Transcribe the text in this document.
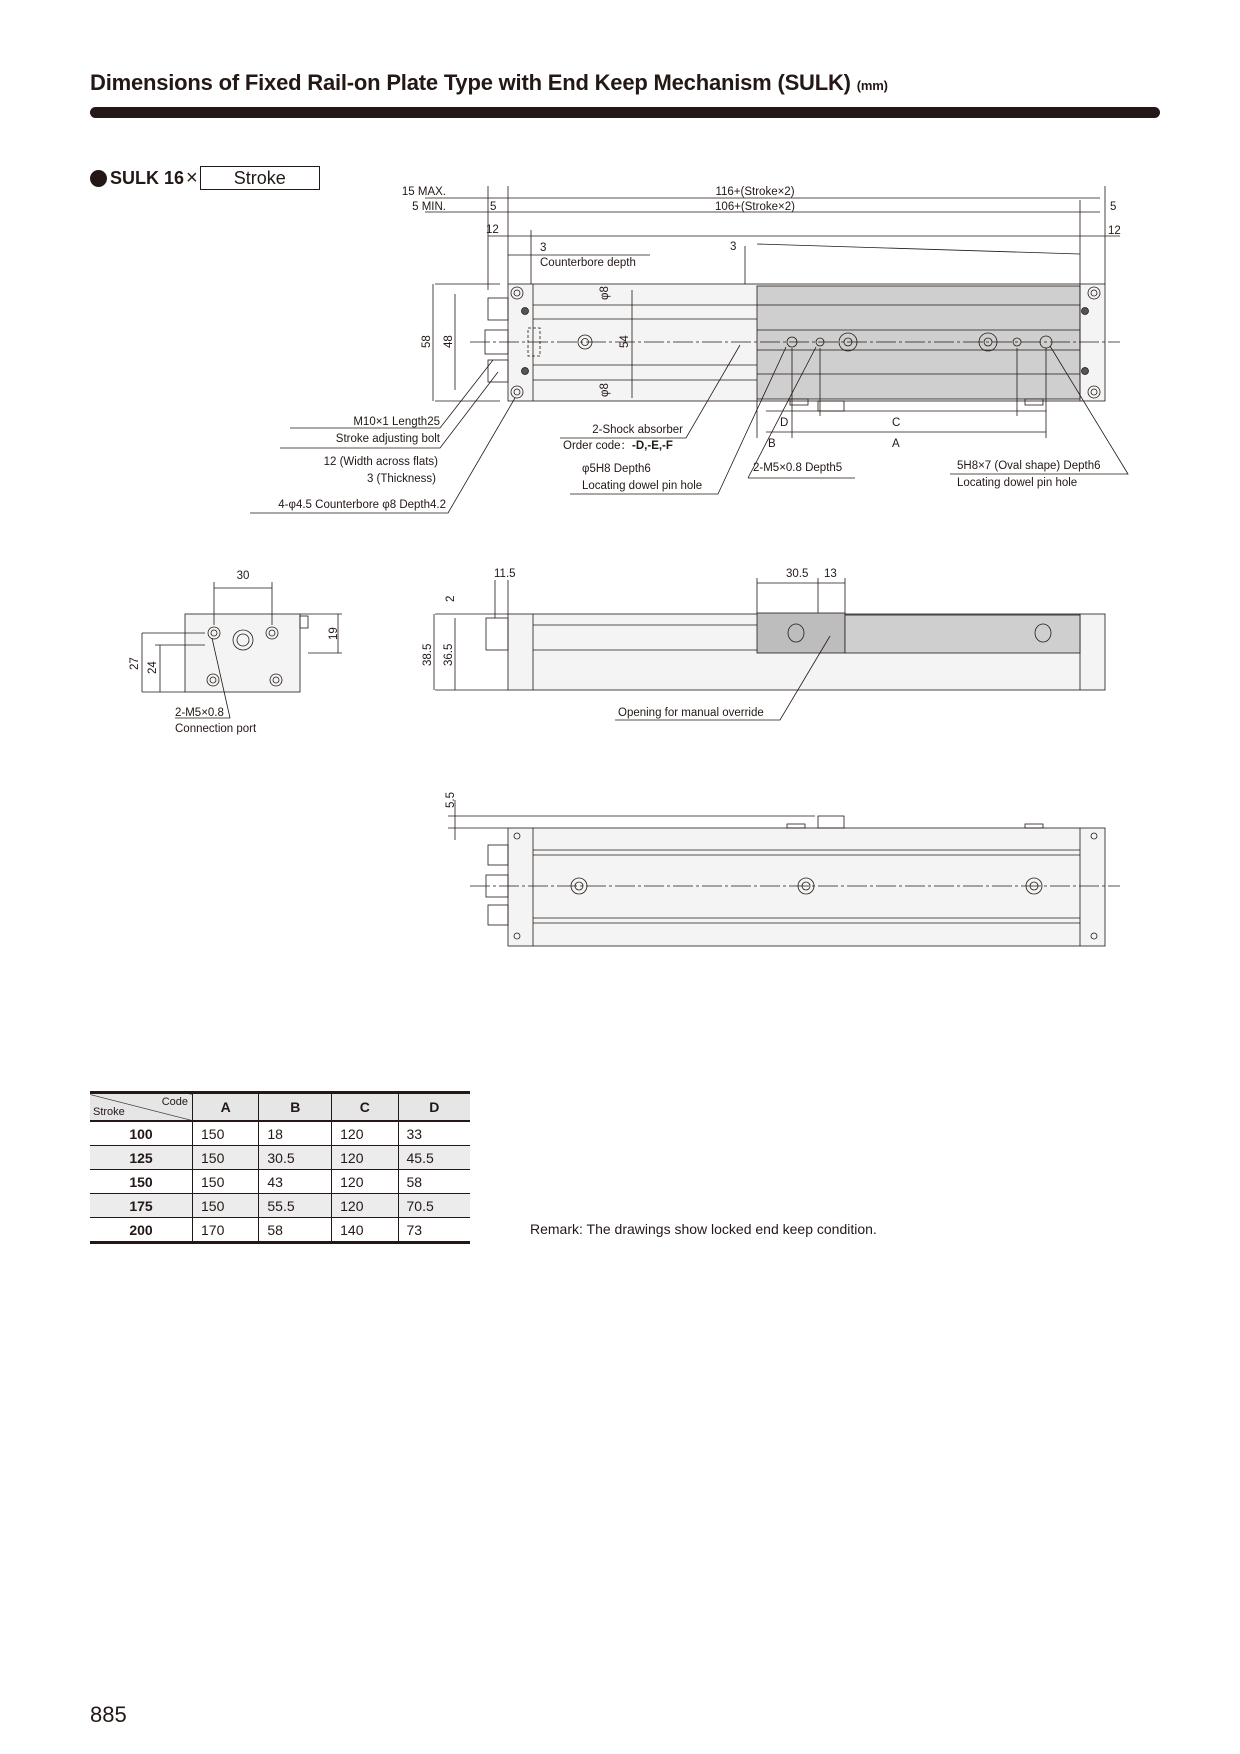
Dimensions of Fixed Rail-on Plate Type with End Keep Mechanism (SULK) (mm)
SULK 16 ×	Stroke
15 MAX.
5 MIN.	5
12
3
Counterbore depth
3
116+(Stroke×2)
106+(Stroke×2)	5
12
58 48	54
φ8
φ8
D	C
B	A
M10×1 Length25
Stroke adjusting bolt
12 (Width across flats)
3 (Thickness)
4-φ4.5 Counterbore φ8 Depth4.2
2-Shock absorber
Order code：-D,-E,-F
φ5H8 Depth6
Locating dowel pin hole
2-M5×0.8 Depth5	5H8×7 (Oval shape) Depth6
Locating dowel pin hole
30
19
27 24
2-M5×0.8
Connection port
11.5	30.5 13
2
38.5 36.5
Opening for manual override
5.5
Code
Stroke	A	B	C	D
100	150	18	120	33
125	150	30.5	120	45.5
150	150	43	120	58
175	150	55.5	120	70.5
200	170	58	140	73	Remark: The drawings show locked end keep condition.
885
